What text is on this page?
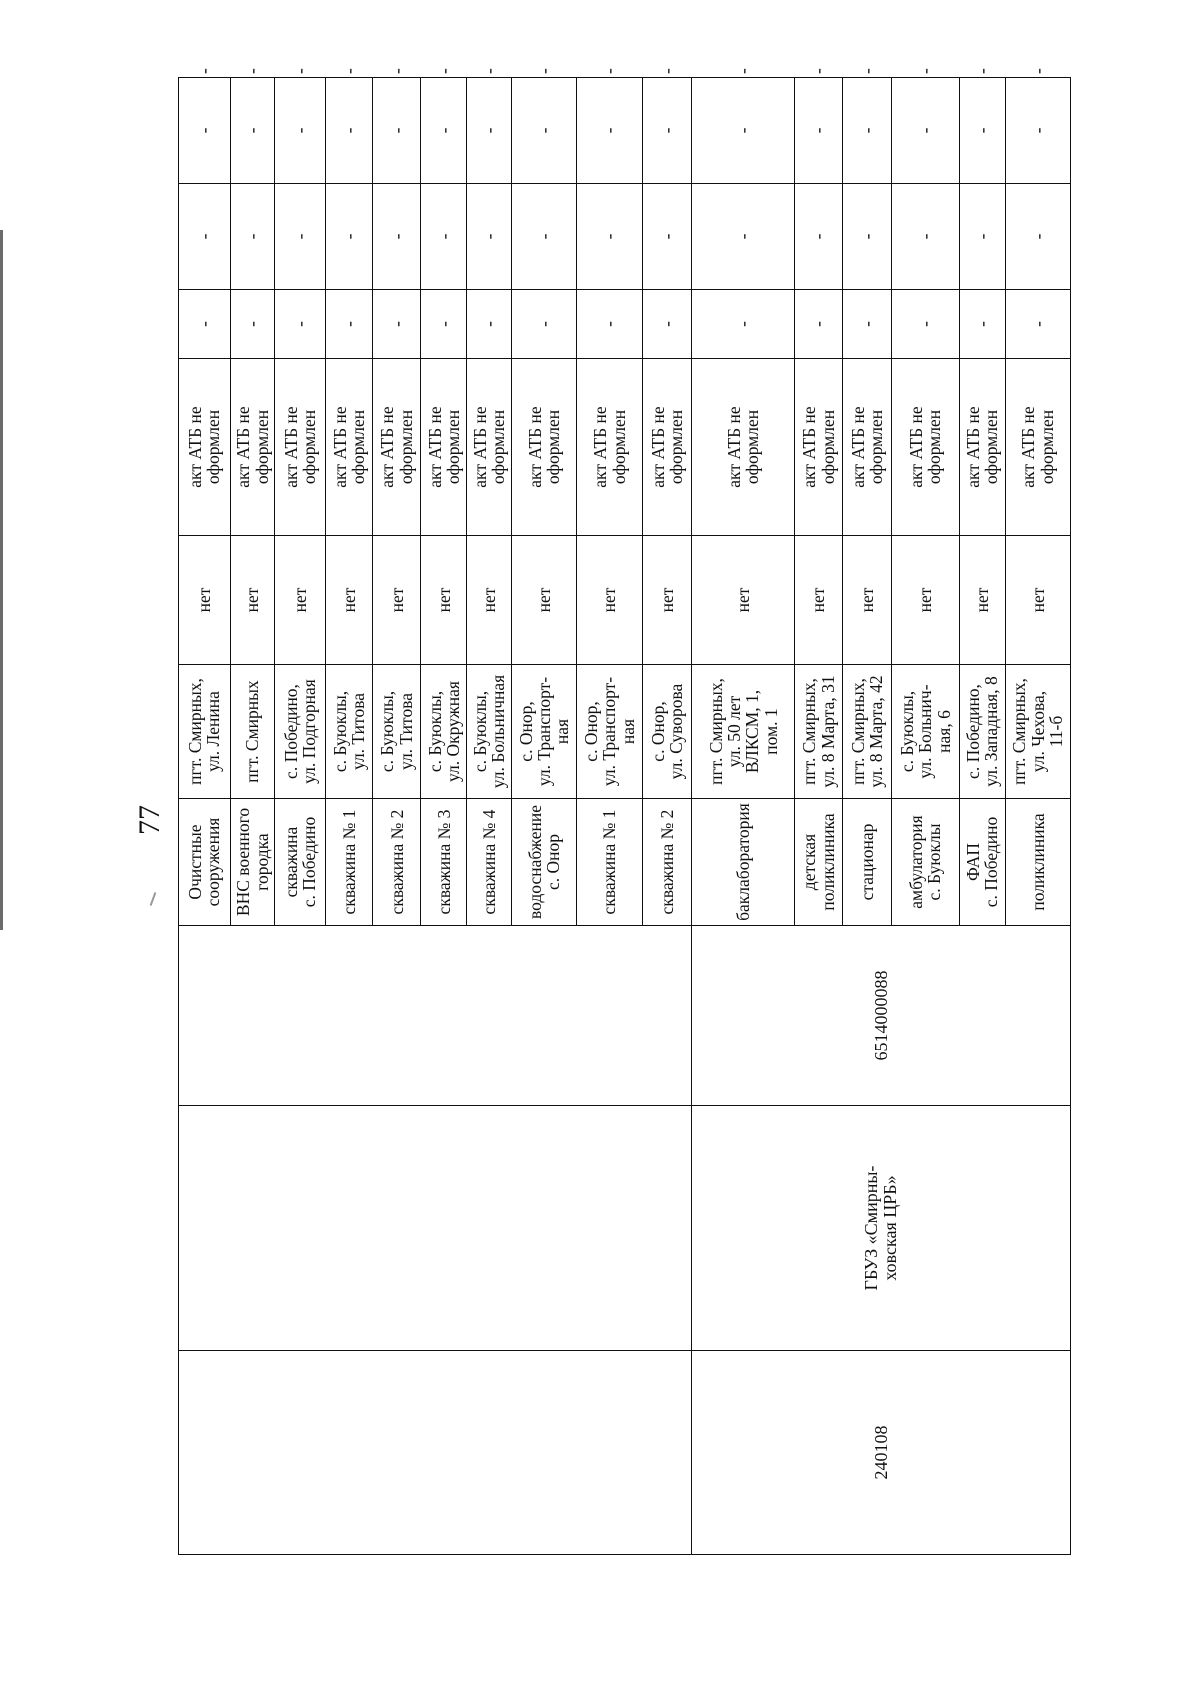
77

			Очистные
сооружения	пгт. Смирных,
ул. Ленина	нет	акт АТБ не
оформлен	-	-	-	-

			ВНС военного
городка	пгт. Смирных	нет	акт АТБ не
оформлен	-	-	-	-

			скважина
с. Победино	с. Победино,
ул. Подгорная	нет	акт АТБ не
оформлен	-	-	-	-

			скважина № 1	с. Буюклы,
ул. Титова	нет	акт АТБ не
оформлен	-	-	-	-

			скважина № 2	с. Буюклы,
ул. Титова	нет	акт АТБ не
оформлен	-	-	-	-

			скважина № 3	с. Буюклы,
ул. Окружная	нет	акт АТБ не
оформлен	-	-	-	-

			скважина № 4	с. Буюклы,
ул. Больничная	нет	акт АТБ не
оформлен	-	-	-	-

			водоснабжение
с. Онор	с. Онор,
ул. Транспорт-
ная	нет	акт АТБ не
оформлен	-	-	-	-

			скважина № 1	с. Онор,
ул. Транспорт-
ная	нет	акт АТБ не
оформлен	-	-	-	-

			скважина № 2	с. Онор,
ул. Суворова	нет	акт АТБ не
оформлен	-	-	-	-
240108	ГБУЗ «Смирны-
ховская ЦРБ»	6514000088	баклаборатория	пгт. Смирных,
ул. 50 лет
ВЛКСМ, 1,
пом. 1	нет	акт АТБ не
оформлен	-	-	-	-

			детская
поликлиника	пгт. Смирных,
ул. 8 Марта, 31	нет	акт АТБ не
оформлен	-	-	-	-

			стационар	пгт. Смирных,
ул. 8 Марта, 42	нет	акт АТБ не
оформлен	-	-	-	-

			амбулатория
с. Буюклы	с. Буюклы,
ул. Больнич-
ная, 6	нет	акт АТБ не
оформлен	-	-	-	-

			ФАП
с. Победино	с. Победино,
ул. Западная, 8	нет	акт АТБ не
оформлен	-	-	-	-

			поликлиника	пгт. Смирных,
ул. Чехова,
11-б	нет	акт АТБ не
оформлен	-	-	-	-
